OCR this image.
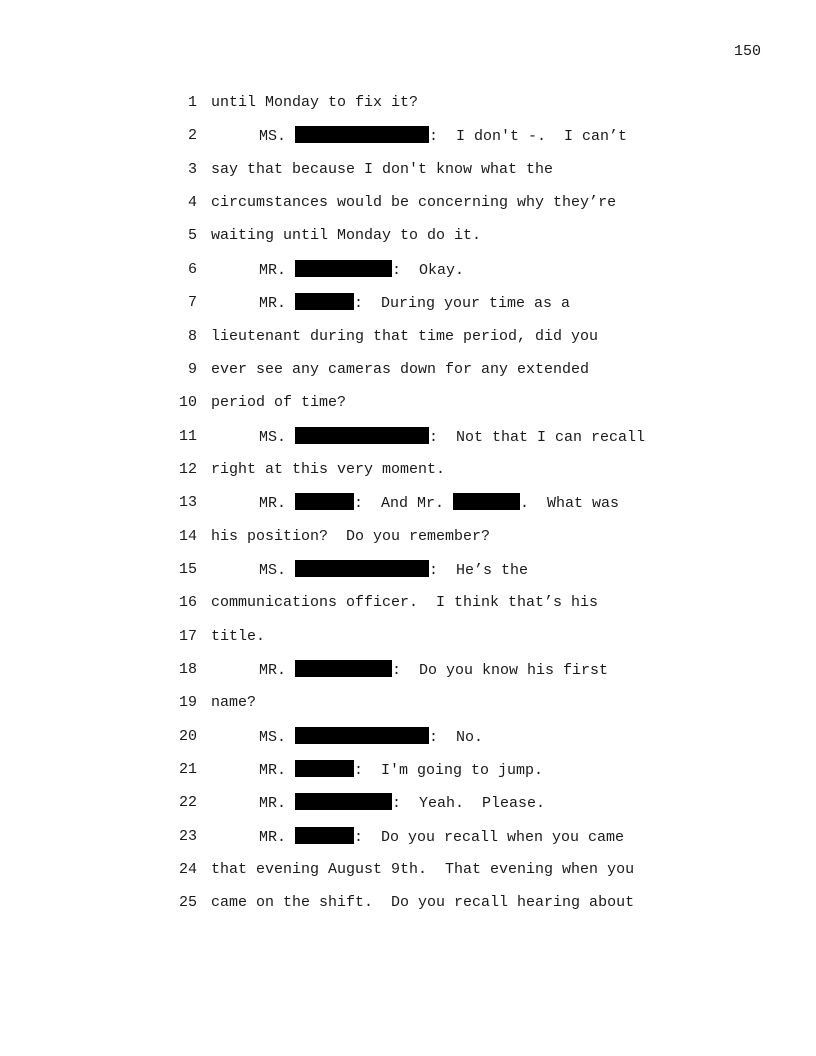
150
1 until Monday to fix it?
2	MS.	:  I don't -.  I can’t
3 say that because I don't know what the
4 circumstances would be concerning why they’re
5 waiting until Monday to do it.
6	MR.	:  Okay.
7	MR.	:  During your time as a
8 lieutenant during that time period, did you
9 ever see any cameras down for any extended
10 period of time?
11	MS.	:  Not that I can recall
12 right at this very moment.
13	MR.	:  And Mr.	.  What was
14 his position?  Do you remember?
15	MS.	:  He’s the
16 communications officer.  I think that’s his
17 title.
18	MR.	:  Do you know his first
19 name?
20	MS.	:  No.
21	MR.	:  I'm going to jump.
22	MR.	:  Yeah.  Please.
23	MR.	:  Do you recall when you came
24 that evening August 9th.  That evening when you
25 came on the shift.  Do you recall hearing about
